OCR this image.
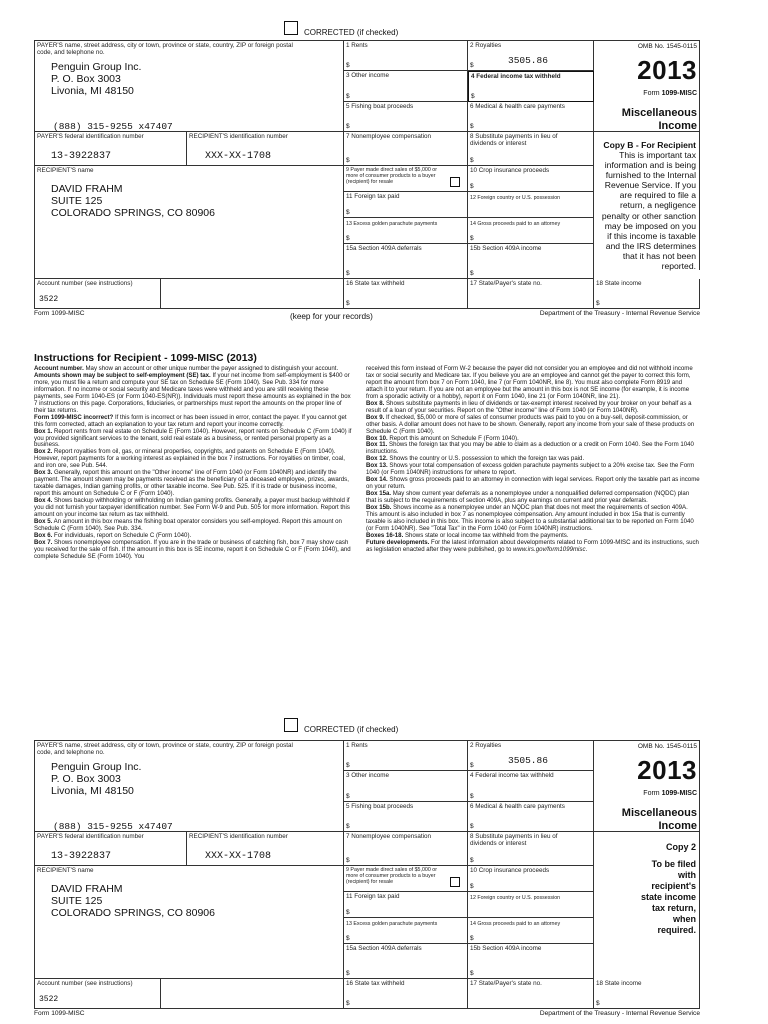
CORRECTED (if checked)
PAYER'S name, street address, city or town, province or state, country, ZIP or foreign postal code, and telephone no.
Penguin Group Inc.
P. O. Box 3003
Livonia, MI 48150
(888) 315-9255 x47407
1 Rents
$
2 Royalties
$	3505.86
OMB No. 1545-0115
2013
Form 1099-MISC
Miscellaneous
Income
3 Other income
$
4 Federal income tax withheld
$
5 Fishing boat proceeds
$
6 Medical & health care payments
$
PAYER'S federal identification number
13-3922837
RECIPIENT'S identification number
XXX-XX-1708
7 Nonemployee compensation
$
8 Substitute payments in lieu of dividends or interest
$
Copy B - For Recipient
This is important tax
information and is being
furnished to the Internal
Revenue Service. If you
are required to file a
return, a negligence
penalty or other sanction
may be imposed on you
if this income is taxable
and the IRS determines
that it has not been
reported.
RECIPIENT'S name
DAVID FRAHM
SUITE 125
COLORADO SPRINGS, CO 80906
9 Payer made direct sales of $5,000 or more of consumer products to a buyer (recipient) for resale
10 Crop insurance proceeds
$
11 Foreign tax paid
$
12 Foreign country or U.S. possession
13 Excess golden parachute payments
$
14 Gross proceeds paid to an attorney
$
15a Section 409A deferrals
$
15b Section 409A income
$
Account number (see instructions)
3522
16 State tax withheld
$
17 State/Payer's state no.	18 State income
$
Form 1099-MISC	(keep for your records)	Department of the Treasury - Internal Revenue Service
Instructions for Recipient - 1099-MISC (2013)
Account number. May show an account or other unique number the payer assigned to distinguish your account.
Amounts shown may be subject to self-employment (SE) tax. If your net income from self-employment is $400 or more, you must file a return and compute your SE tax on Schedule SE (Form 1040). See Pub. 334 for more information. If no income or social security and Medicare taxes were withheld and you are still receiving these payments, see Form 1040-ES (or Form 1040-ES(NR)). Individuals must report these amounts as explained in the box 7 instructions on this page. Corporations, fiduciaries, or partnerships must report the amounts on the proper line of their tax returns.
Form 1099-MISC incorrect? If this form is incorrect or has been issued in error, contact the payer. If you cannot get this form corrected, attach an explanation to your tax return and report your income correctly.
Box 1. Report rents from real estate on Schedule E (Form 1040). However, report rents on Schedule C (Form 1040) if you provided significant services to the tenant, sold real estate as a business, or rented personal property as a business.
Box 2. Report royalties from oil, gas, or mineral properties, copyrights, and patents on Schedule E (Form 1040). However, report payments for a working interest as explained in the box 7 instructions. For royalties on timber, coal, and iron ore, see Pub. 544.
Box 3. Generally, report this amount on the "Other income" line of Form 1040 (or Form 1040NR) and identify the payment. The amount shown may be payments received as the beneficiary of a deceased employee, prizes, awards, taxable damages, Indian gaming profits, or other taxable income. See Pub. 525. If it is trade or business income, report this amount on Schedule C or F (Form 1040).
Box 4. Shows backup withholding or withholding on Indian gaming profits. Generally, a payer must backup withhold if you did not furnish your taxpayer identification number. See Form W-9 and Pub. 505 for more information. Report this amount on your income tax return as tax withheld.
Box 5. An amount in this box means the fishing boat operator considers you self-employed. Report this amount on Schedule C (Form 1040). See Pub. 334.
Box 6. For individuals, report on Schedule C (Form 1040).
Box 7. Shows nonemployee compensation. If you are in the trade or business of catching fish, box 7 may show cash you received for the sale of fish. If the amount in this box is SE income, report it on Schedule C or F (Form 1040), and complete Schedule SE (Form 1040). You
received this form instead of Form W-2 because the payer did not consider you an employee and did not withhold income tax or social security and Medicare tax. If you believe you are an employee and cannot get the payer to correct this form, report the amount from box 7 on Form 1040, line 7 (or Form 1040NR, line 8). You must also complete Form 8919 and attach it to your return. If you are not an employee but the amount in this box is not SE income (for example, it is income from a sporadic activity or a hobby), report it on Form 1040, line 21 (or Form 1040NR, line 21).
Box 8. Shows substitute payments in lieu of dividends or tax-exempt interest received by your broker on your behalf as a result of a loan of your securities. Report on the "Other income" line of Form 1040 (or Form 1040NR).
Box 9. If checked, $5,000 or more of sales of consumer products was paid to you on a buy-sell, deposit-commission, or other basis. A dollar amount does not have to be shown. Generally, report any income from your sale of these products on Schedule C (Form 1040).
Box 10. Report this amount on Schedule F (Form 1040).
Box 11. Shows the foreign tax that you may be able to claim as a deduction or a credit on Form 1040. See the Form 1040 instructions.
Box 12. Shows the country or U.S. possession to which the foreign tax was paid.
Box 13. Shows your total compensation of excess golden parachute payments subject to a 20% excise tax. See the Form 1040 (or Form 1040NR) instructions for where to report.
Box 14. Shows gross proceeds paid to an attorney in connection with legal services. Report only the taxable part as income on your return.
Box 15a. May show current year deferrals as a nonemployee under a nonqualified deferred compensation (NQDC) plan that is subject to the requirements of section 409A, plus any earnings on current and prior year deferrals.
Box 15b. Shows income as a nonemployee under an NQDC plan that does not meet the requirements of section 409A. This amount is also included in box 7 as nonemployee compensation. Any amount included in box 15a that is currently taxable is also included in this box. This income is also subject to a substantial additional tax to be reported on Form 1040 (or Form 1040NR). See "Total Tax" in the Form 1040 (or Form 1040NR) instructions.
Boxes 16-18. Shows state or local income tax withheld from the payments.
Future developments. For the latest information about developments related to Form 1099-MISC and its instructions, such as legislation enacted after they were published, go to www.irs.gov/form1099misc.
CORRECTED (if checked)
PAYER'S name, street address, city or town, province or state, country, ZIP or foreign postal code, and telephone no.
Penguin Group Inc.
P. O. Box 3003
Livonia, MI 48150
(888) 315-9255 x47407
1 Rents
$
2 Royalties
$	3505.86
OMB No. 1545-0115
2013
Form 1099-MISC
Miscellaneous
Income
3 Other income
$
4 Federal income tax withheld
$
5 Fishing boat proceeds
$
6 Medical & health care payments
$
PAYER'S federal identification number
13-3922837
RECIPIENT'S identification number
XXX-XX-1708
7 Nonemployee compensation
$
8 Substitute payments in lieu of dividends or interest
$
Copy 2
To be filed
with
recipient's
state income
tax return,
when
required.
RECIPIENT'S name
DAVID FRAHM
SUITE 125
COLORADO SPRINGS, CO 80906
9 Payer made direct sales of $5,000 or more of consumer products to a buyer (recipient) for resale
10 Crop insurance proceeds
$
11 Foreign tax paid
$
12 Foreign country or U.S. possession
13 Excess golden parachute payments
$
14 Gross proceeds paid to an attorney
$
15a Section 409A deferrals
$
15b Section 409A income
$
Account number (see instructions)
3522
16 State tax withheld
$
17 State/Payer's state no.	18 State income
$
Form 1099-MISC	Department of the Treasury - Internal Revenue Service
